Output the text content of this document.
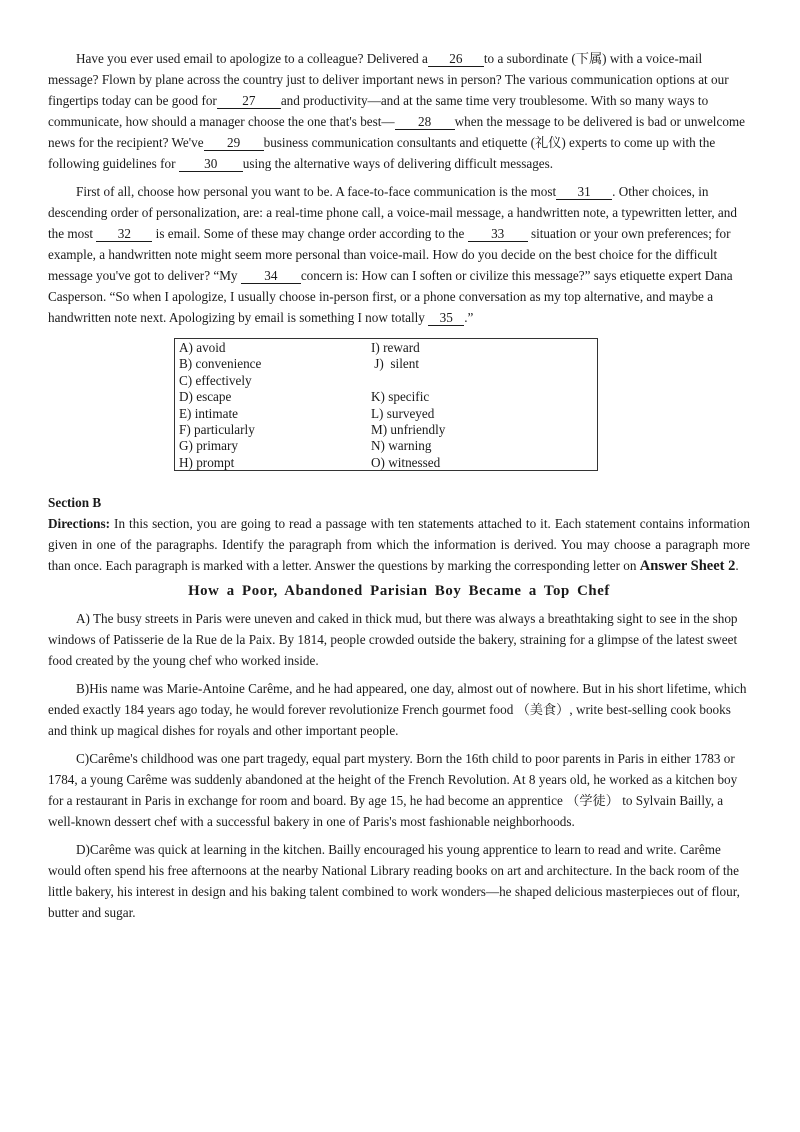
Have you ever used email to apologize to a colleague? Delivered a 26 to a subordinate (下属) with a voice-mail message? Flown by plane across the country just to deliver important news in person? The various communication options at our fingertips today can be good for 27 and productivity—and at the same time very troublesome. With so many ways to communicate, how should a manager choose the one that's best— 28 when the message to be delivered is bad or unwelcome news for the recipient? We've 29 business communication consultants and etiquette (礼仪) experts to come up with the following guidelines for 30 using the alternative ways of delivering difficult messages.

First of all, choose how personal you want to be. A face-to-face communication is the most 31 . Other choices, in descending order of personalization, are: a real-time phone call, a voice-mail message, a handwritten note, a typewritten letter, and the most 32 is email. Some of these may change order according to the 33 situation or your own preferences; for example, a handwritten note might seem more personal than voice-mail. How do you decide on the best choice for the difficult message you've got to deliver? “My 34 concern is: How can I soften or civilize this message?” says etiquette expert Dana Casperson. “So when I apologize, I usually choose in-person first, or a phone conversation as my top alternative, and maybe a handwritten note next. Apologizing by email is something I now totally 35 .”

A) avoid
B) convenience
C) effectively
D) escape
E) intimate
F) particularly
G) primary
H) prompt
I) reward
J)  silent
K) specific
L) surveyed
M) unfriendly
N) warning
O) witnessed
Section B

Directions: In this section, you are going to read a passage with ten statements attached to it. Each statement contains information given in one of the paragraphs. Identify the paragraph from which the information is derived. You may choose a paragraph more than once. Each paragraph is marked with a letter. Answer the questions by marking the corresponding letter on Answer Sheet 2.

How a Poor, Abandoned Parisian Boy Became a Top Chef

A) The busy streets in Paris were uneven and caked in thick mud, but there was always a breathtaking sight to see in the shop windows of Patisserie de la Rue de la Paix. By 1814, people crowded outside the bakery, straining for a glimpse of the latest sweet food created by the young chef who worked inside.

B)His name was Marie-Antoine Carême, and he had appeared, one day, almost out of nowhere. But in his short lifetime, which ended exactly 184 years ago today, he would forever revolutionize French gourmet food （美食）, write best-selling cook books and think up magical dishes for royals and other important people.

C)Carême's childhood was one part tragedy, equal part mystery. Born the 16th child to poor parents in Paris in either 1783 or 1784, a young Carême was suddenly abandoned at the height of the French Revolution. At 8 years old, he worked as a kitchen boy for a restaurant in Paris in exchange for room and board. By age 15, he had become an apprentice （学徒） to Sylvain Bailly, a well-known dessert chef with a successful bakery in one of Paris's most fashionable neighborhoods.

D)Carême was quick at learning in the kitchen. Bailly encouraged his young apprentice to learn to read and write. Carême would often spend his free afternoons at the nearby National Library reading books on art and architecture. In the back room of the little bakery, his interest in design and his baking talent combined to work wonders—he shaped delicious masterpieces out of flour, butter and sugar.
